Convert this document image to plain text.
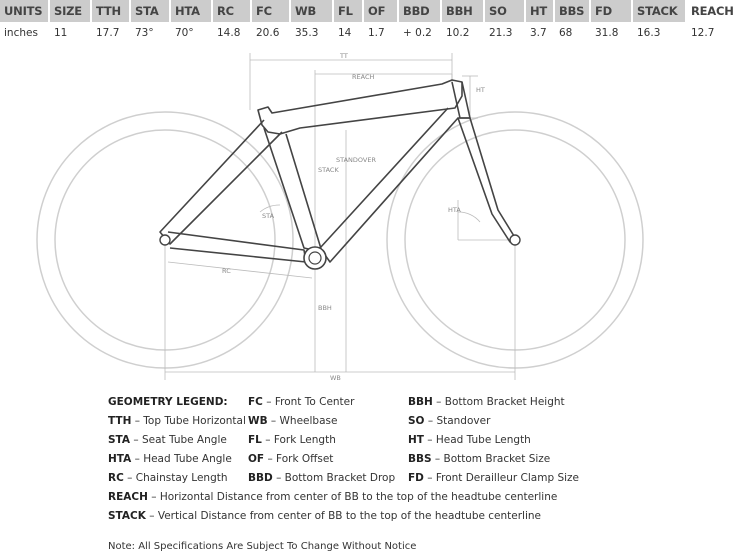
UNITS	SIZE	TTH	STA	HTA	RC	FC	WB	FL	OF	BBD	BBH	SO	HT	BBS	FD	STACK	REACH
inches	11	17.7	73°	70°	14.8	20.6	35.3	14	1.7	+ 0.2	10.2	21.3	3.7	68	31.8	16.3	12.7
TT
REACH
HT
STACK
STANDOVER
STA
HTA
RC
BBH
WB
GEOMETRY LEGEND: FC – Front To Center	BBH – Bottom Bracket Height
TTH – Top Tube Horizontal WB – Wheelbase	SO – Standover
STA – Seat Tube Angle FL – Fork Length	HT – Head Tube Length
HTA – Head Tube Angle OF – Fork Offset	BBS – Bottom Bracket Size
RC – Chainstay Length BBD – Bottom Bracket Drop FD – Front Derailleur Clamp Size
REACH – Horizontal Distance from center of BB to the top of the headtube centerline
STACK – Vertical Distance from center of BB to the top of the headtube centerline
Note: All Specifications Are Subject To Change Without Notice
